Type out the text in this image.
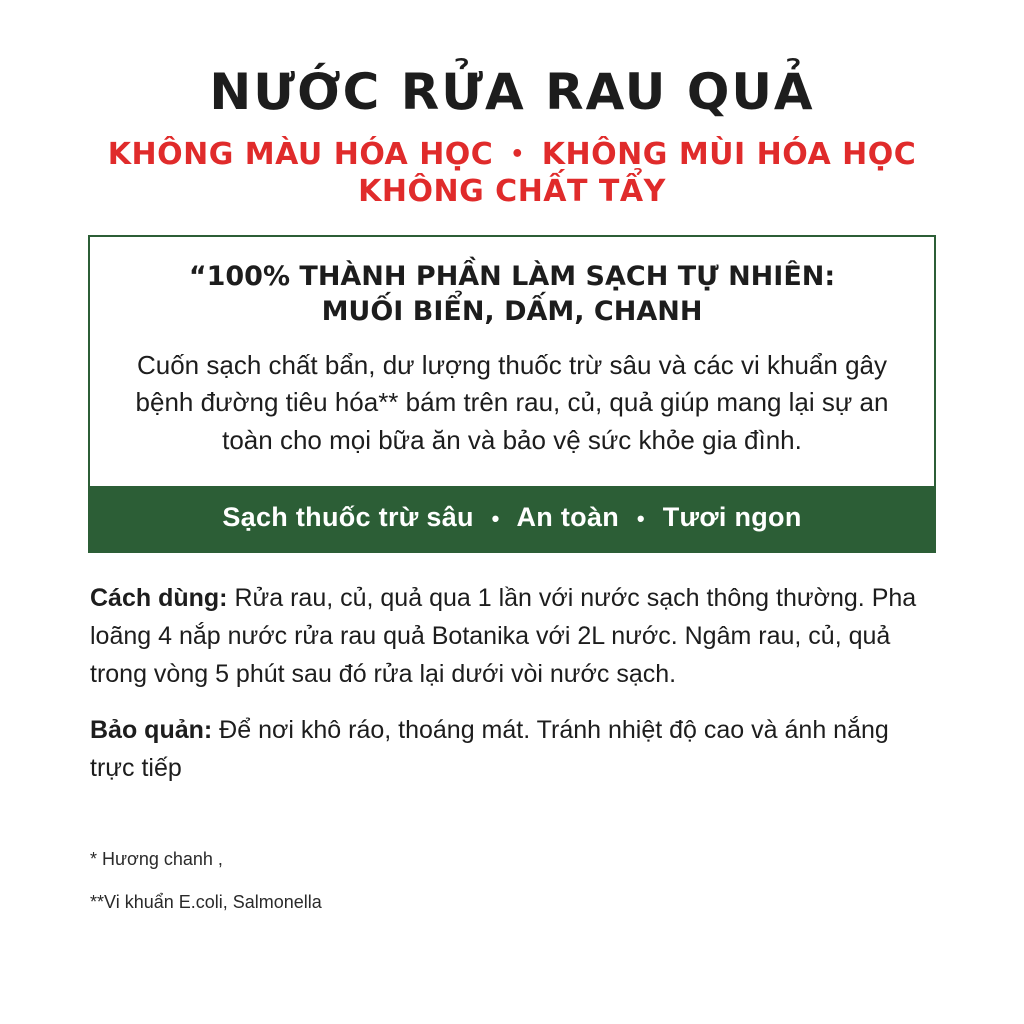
NƯỚC RỬA RAU QUẢ
KHÔNG MÀU HÓA HỌC • KHÔNG MÙI HÓA HỌC
KHÔNG CHẤT TẨY
“100% THÀNH PHẦN LÀM SẠCH TỰ NHIÊN:
MUỐI BIỂN, DẤM, CHANH
Cuốn sạch chất bẩn, dư lượng thuốc trừ sâu và các vi khuẩn gây bệnh đường tiêu hóa** bám trên rau, củ, quả giúp mang lại sự an toàn cho mọi bữa ăn và bảo vệ sức khỏe gia đình.
Sạch thuốc trừ sâu • An toàn • Tươi ngon

Cách dùng: Rửa rau, củ, quả qua 1 lần với nước sạch thông thường. Pha loãng 4 nắp nước rửa rau quả Botanika với 2L nước. Ngâm rau, củ, quả trong vòng 5 phút sau đó rửa lại dưới vòi nước sạch.

Bảo quản: Để nơi khô ráo, thoáng mát. Tránh nhiệt độ cao và ánh nắng trực tiếp

* Hương chanh ,
**Vi khuẩn E.coli, Salmonella
